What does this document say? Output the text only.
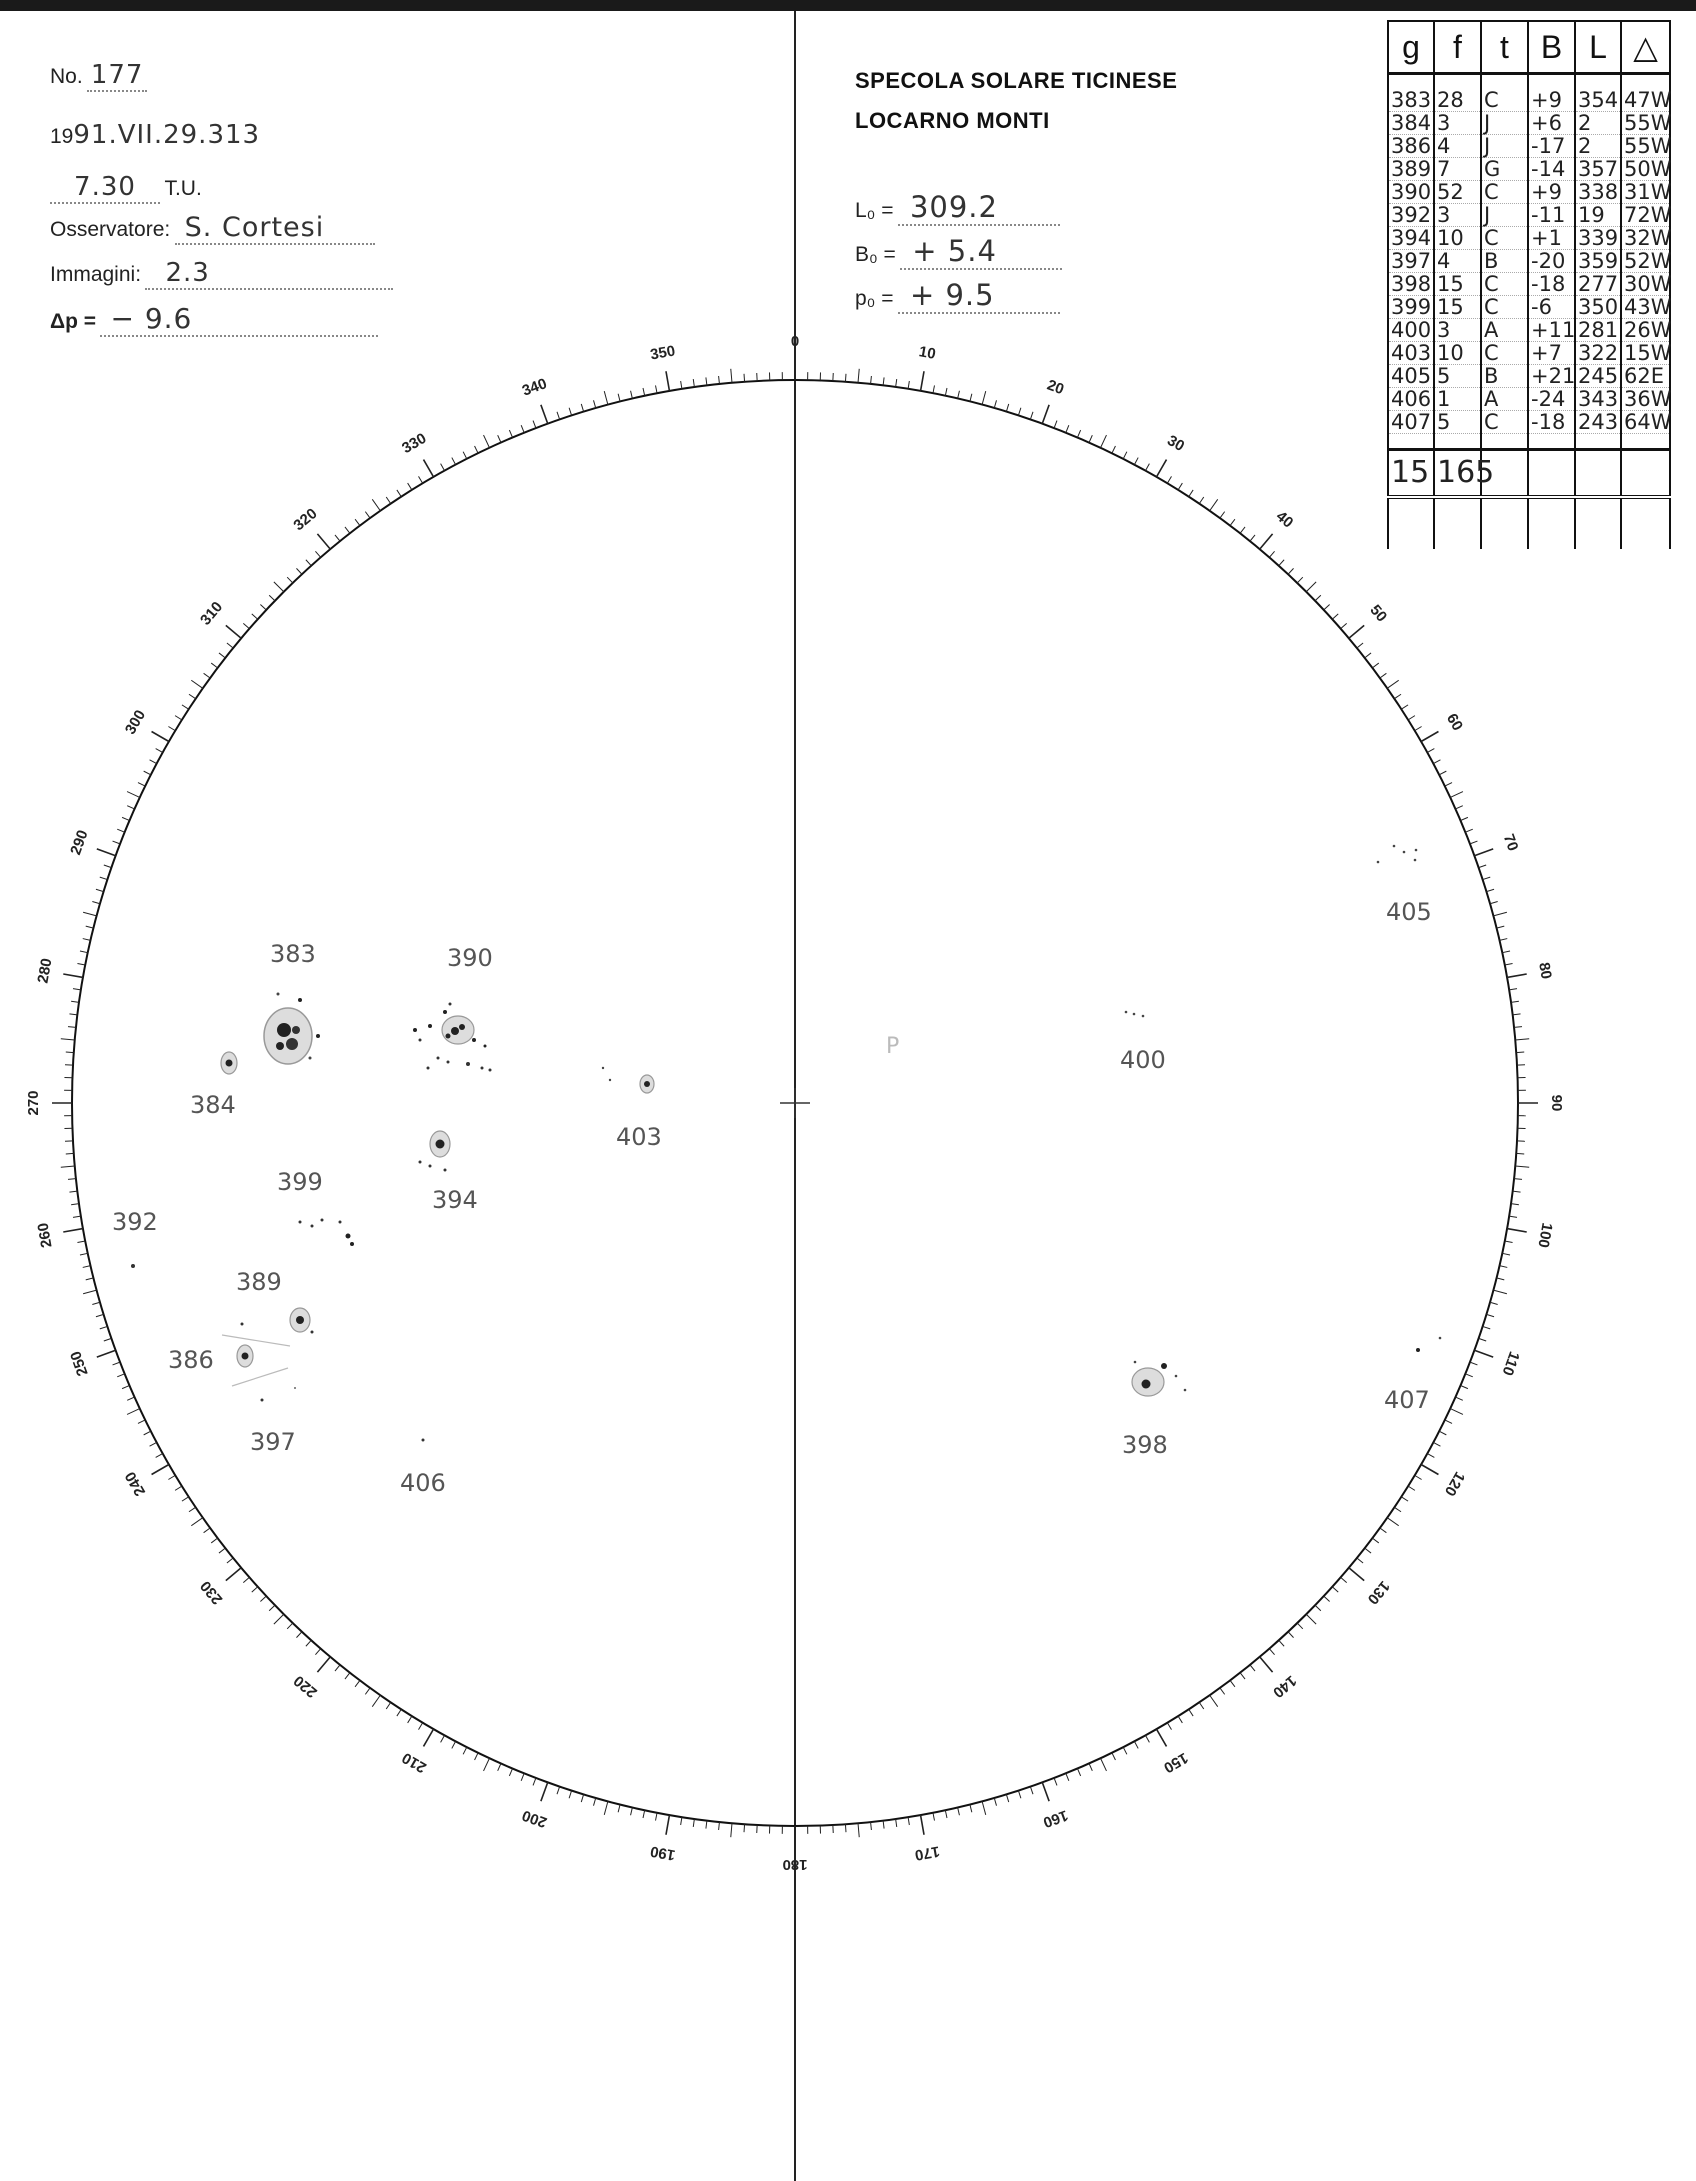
No. 177
1991.VII.29.313
7.30 T.U.
Osservatore: S. Cortesi
Immagini: 2.3
Δp = − 9.6
SPECOLA SOLARE TICINESE
LOCARNO MONTI
L₀ = 309.2
B₀ = + 5.4
p₀ = + 9.5
g	f	t	B	L	△

383	28	C	+9	354	47W
384	3	J	+6	2	55W
386	4	J	-17	2	55W
389	7	G	-14	357	50W
390	52	C	+9	338	31W
392	3	J	-11	19	72W
394	10	C	+1	339	32W
397	4	B	-20	359	52W
398	15	C	-18	277	30W
399	15	C	-6	350	43W
400	3	A	+11	281	26W
403	10	C	+7	322	15W
405	5	B	+21	245	62E
406	1	A	-24	343	36W
407	5	C	-18	243	64W

15	165				

0
10
20
30
40
50
60
70
80
90
100
110
120
130
140
150
160
170
180
190
200
210
220
230
240
250
260
270
280
290
300
310
320
330
340
350
P
383
384
390
394
399
392
389
386
397
406
403
400
405
398
407
